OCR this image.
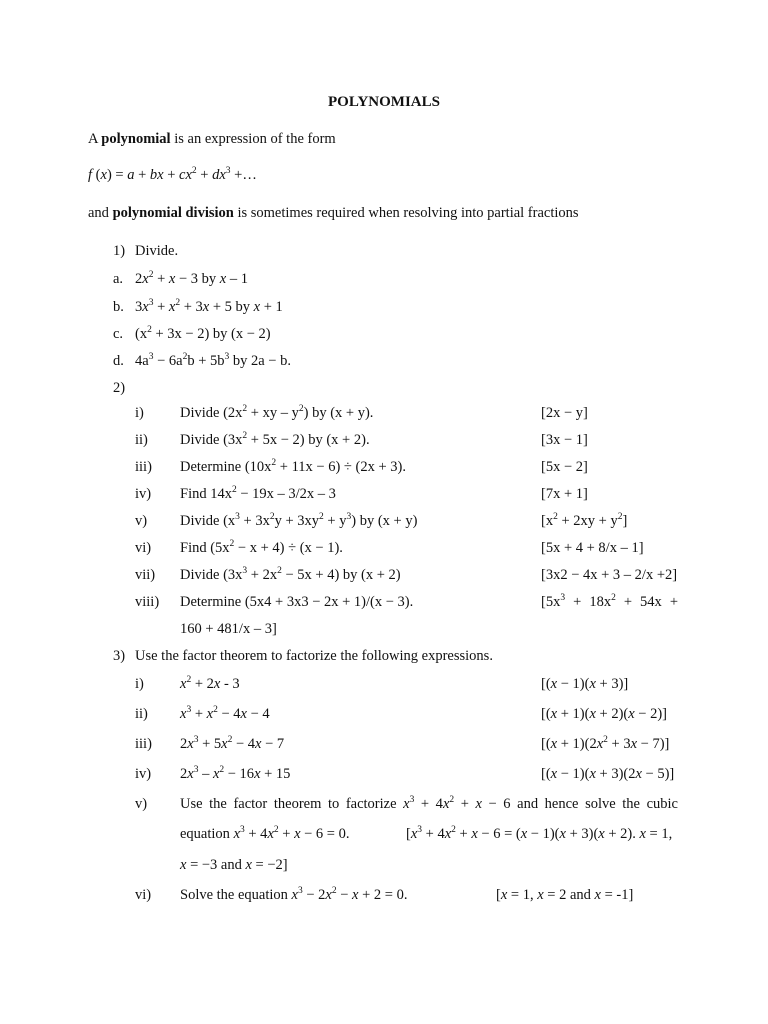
POLYNOMIALS
A polynomial is an expression of the form
f (x) = a + bx + $cx^2 + dx^3$ +…
and polynomial division is sometimes required when resolving into partial fractions
1) Divide.
a. $2x^2 + x - 3$ by x – 1
b. $3x^3 + x^2 + 3x + 5$ by x + 1
c. $(x^2 + 3x - 2)$ by (x − 2)
d. $4a^3 - 6a^2b + 5b^3$ by 2a − b.
2)
i) Divide ($2x^2$ + xy – $y^2$) by (x + y).	[2x − y]
ii) Divide $(3x^2 + 5x - 2)$ by (x + 2).	[3x − 1]
iii) Determine $(10x^2 + 11x - 6) \div (2x + 3)$.	[5x − 2]
iv) Find $14x^2 - 19x - 3/2x - 3$	[7x + 1]
v) Divide $(x^3 + 3x^2y + 3xy^2 + y^3)$ by (x + y)	$[x^2 + 2xy + y^2]$
vi) Find $(5x^2 - x + 4) \div (x - 1)$.	[5x + 4 + 8/x – 1]
vii) Divide $(3x^3 + 2x^2 - 5x + 4)$ by (x + 2)	[3x2 − 4x + 3 – 2/x +2]
viii) Determine (5x4 + 3x3 − 2x + 1)/(x − 3).	[$5x^3 + 18x^2 + 54x$  +
160 + 481/x – 3]
3) Use the factor theorem to factorize the following expressions.
i) $x^2 + 2x - 3$	[(x − 1)(x + 3)]
ii) $x^3 + x^2 - 4x - 4$	[(x + 1)(x + 2)(x − 2)]
iii) $2x^3 + 5x^2 - 4x - 7$	$[(x + 1)(2x^2 + 3x - 7)]$
iv) $2x^3 - x^2 - 16x + 15$	[(x − 1)(x + 3)(2x − 5)]
v) Use the factor theorem to factorize $x^3 + 4x^2 + x - 6$ and hence solve the cubic
equation $x^3 + 4x^2 + x - 6 = 0$.	[$x^3 + 4x^2 + x - 6 = (x - 1)(x + 3)(x + 2)$. x = 1,
x = −3 and x = −2]
vi) Solve the equation $x^3 - 2x^2 - x + 2 = 0$.	[x = 1, x = 2 and x = -1]
